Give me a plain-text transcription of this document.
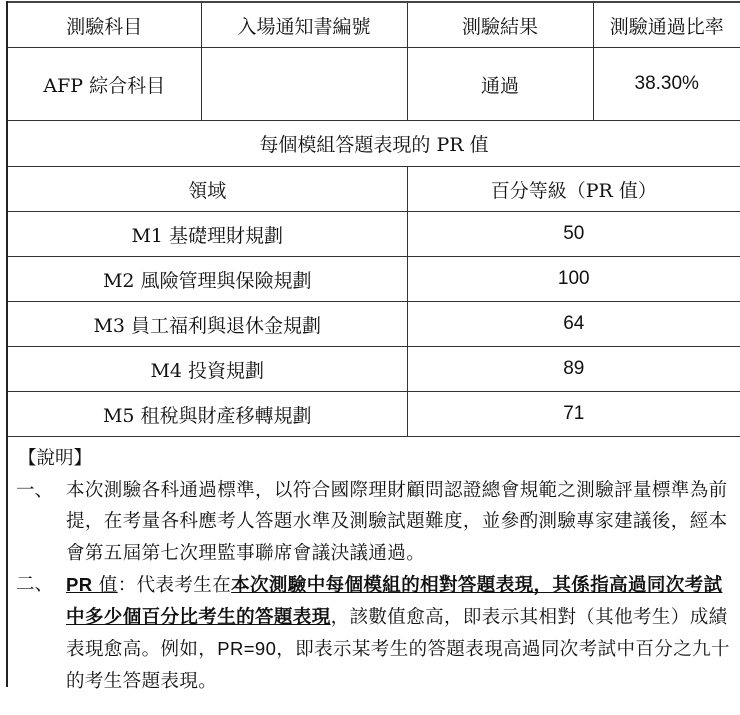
測驗科目	入場通知書編號	測驗結果	測驗通過比率
AFP 綜合科目		通過	38.30%
每個模組答題表現的 PR 值	
領域	百分等級（PR 值）
M1 基礎理財規劃	50
M2 風險管理與保險規劃	100
M3 員工福利與退休金規劃	64
M4 投資規劃	89
M5 租稅與財產移轉規劃	71
【說明】
一、 本次測驗各科通過標準，以符合國際理財顧問認證總會規範之測驗評量標準為前提，在考量各科應考人答題水準及測驗試題難度，並參酌測驗專家建議後，經本會第五屆第七次理監事聯席會議決議通過。
二、 PR 值：代表考生在本次測驗中每個模組的相對答題表現，其係指高過同次考試中多少個百分比考生的答題表現，該數值愈高，即表示其相對（其他考生）成績表現愈高。例如，PR=90，即表示某考生的答題表現高過同次考試中百分之九十的考生答題表現。
